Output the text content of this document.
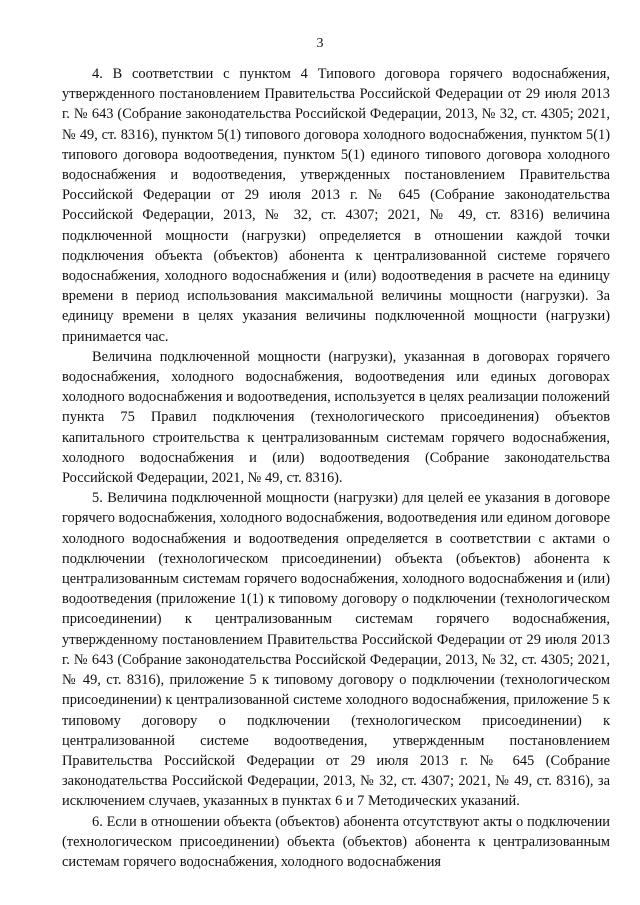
3

4. В соответствии с пунктом 4 Типового договора горячего водоснабжения, утвержденного постановлением Правительства Российской Федерации от 29 июля 2013 г. № 643 (Собрание законодательства Российской Федерации, 2013, № 32, ст. 4305; 2021, № 49, ст. 8316), пунктом 5(1) типового договора холодного водоснабжения, пунктом 5(1) типового договора водоотведения, пунктом 5(1) единого типового договора холодного водоснабжения и водоотведения, утвержденных постановлением Правительства Российской Федерации от 29 июля 2013 г. № 645 (Собрание законодательства Российской Федерации, 2013, № 32, ст. 4307; 2021, № 49, ст. 8316) величина подключенной мощности (нагрузки) определяется в отношении каждой точки подключения объекта (объектов) абонента к централизованной системе горячего водоснабжения, холодного водоснабжения и (или) водоотведения в расчете на единицу времени в период использования максимальной величины мощности (нагрузки). За единицу времени в целях указания величины подключенной мощности (нагрузки) принимается час.

Величина подключенной мощности (нагрузки), указанная в договорах горячего водоснабжения, холодного водоснабжения, водоотведения или единых договорах холодного водоснабжения и водоотведения, используется в целях реализации положений пункта 75 Правил подключения (технологического присоединения) объектов капитального строительства к централизованным системам горячего водоснабжения, холодного водоснабжения и (или) водоотведения (Собрание законодательства Российской Федерации, 2021, № 49, ст. 8316).

5. Величина подключенной мощности (нагрузки) для целей ее указания в договоре горячего водоснабжения, холодного водоснабжения, водоотведения или едином договоре холодного водоснабжения и водоотведения определяется в соответствии с актами о подключении (технологическом присоединении) объекта (объектов) абонента к централизованным системам горячего водоснабжения, холодного водоснабжения и (или) водоотведения (приложение 1(1) к типовому договору о подключении (технологическом присоединении) к централизованным системам горячего водоснабжения, утвержденному постановлением Правительства Российской Федерации от 29 июля 2013 г. № 643 (Собрание законодательства Российской Федерации, 2013, № 32, ст. 4305; 2021, № 49, ст. 8316), приложение 5 к типовому договору о подключении (технологическом присоединении) к централизованной системе холодного водоснабжения, приложение 5 к типовому договору о подключении (технологическом присоединении) к централизованной системе водоотведения, утвержденным постановлением Правительства Российской Федерации от 29 июля 2013 г. № 645 (Собрание законодательства Российской Федерации, 2013, № 32, ст. 4307; 2021, № 49, ст. 8316), за исключением случаев, указанных в пунктах 6 и 7 Методических указаний.

6. Если в отношении объекта (объектов) абонента отсутствуют акты о подключении (технологическом присоединении) объекта (объектов) абонента к централизованным системам горячего водоснабжения, холодного водоснабжения
